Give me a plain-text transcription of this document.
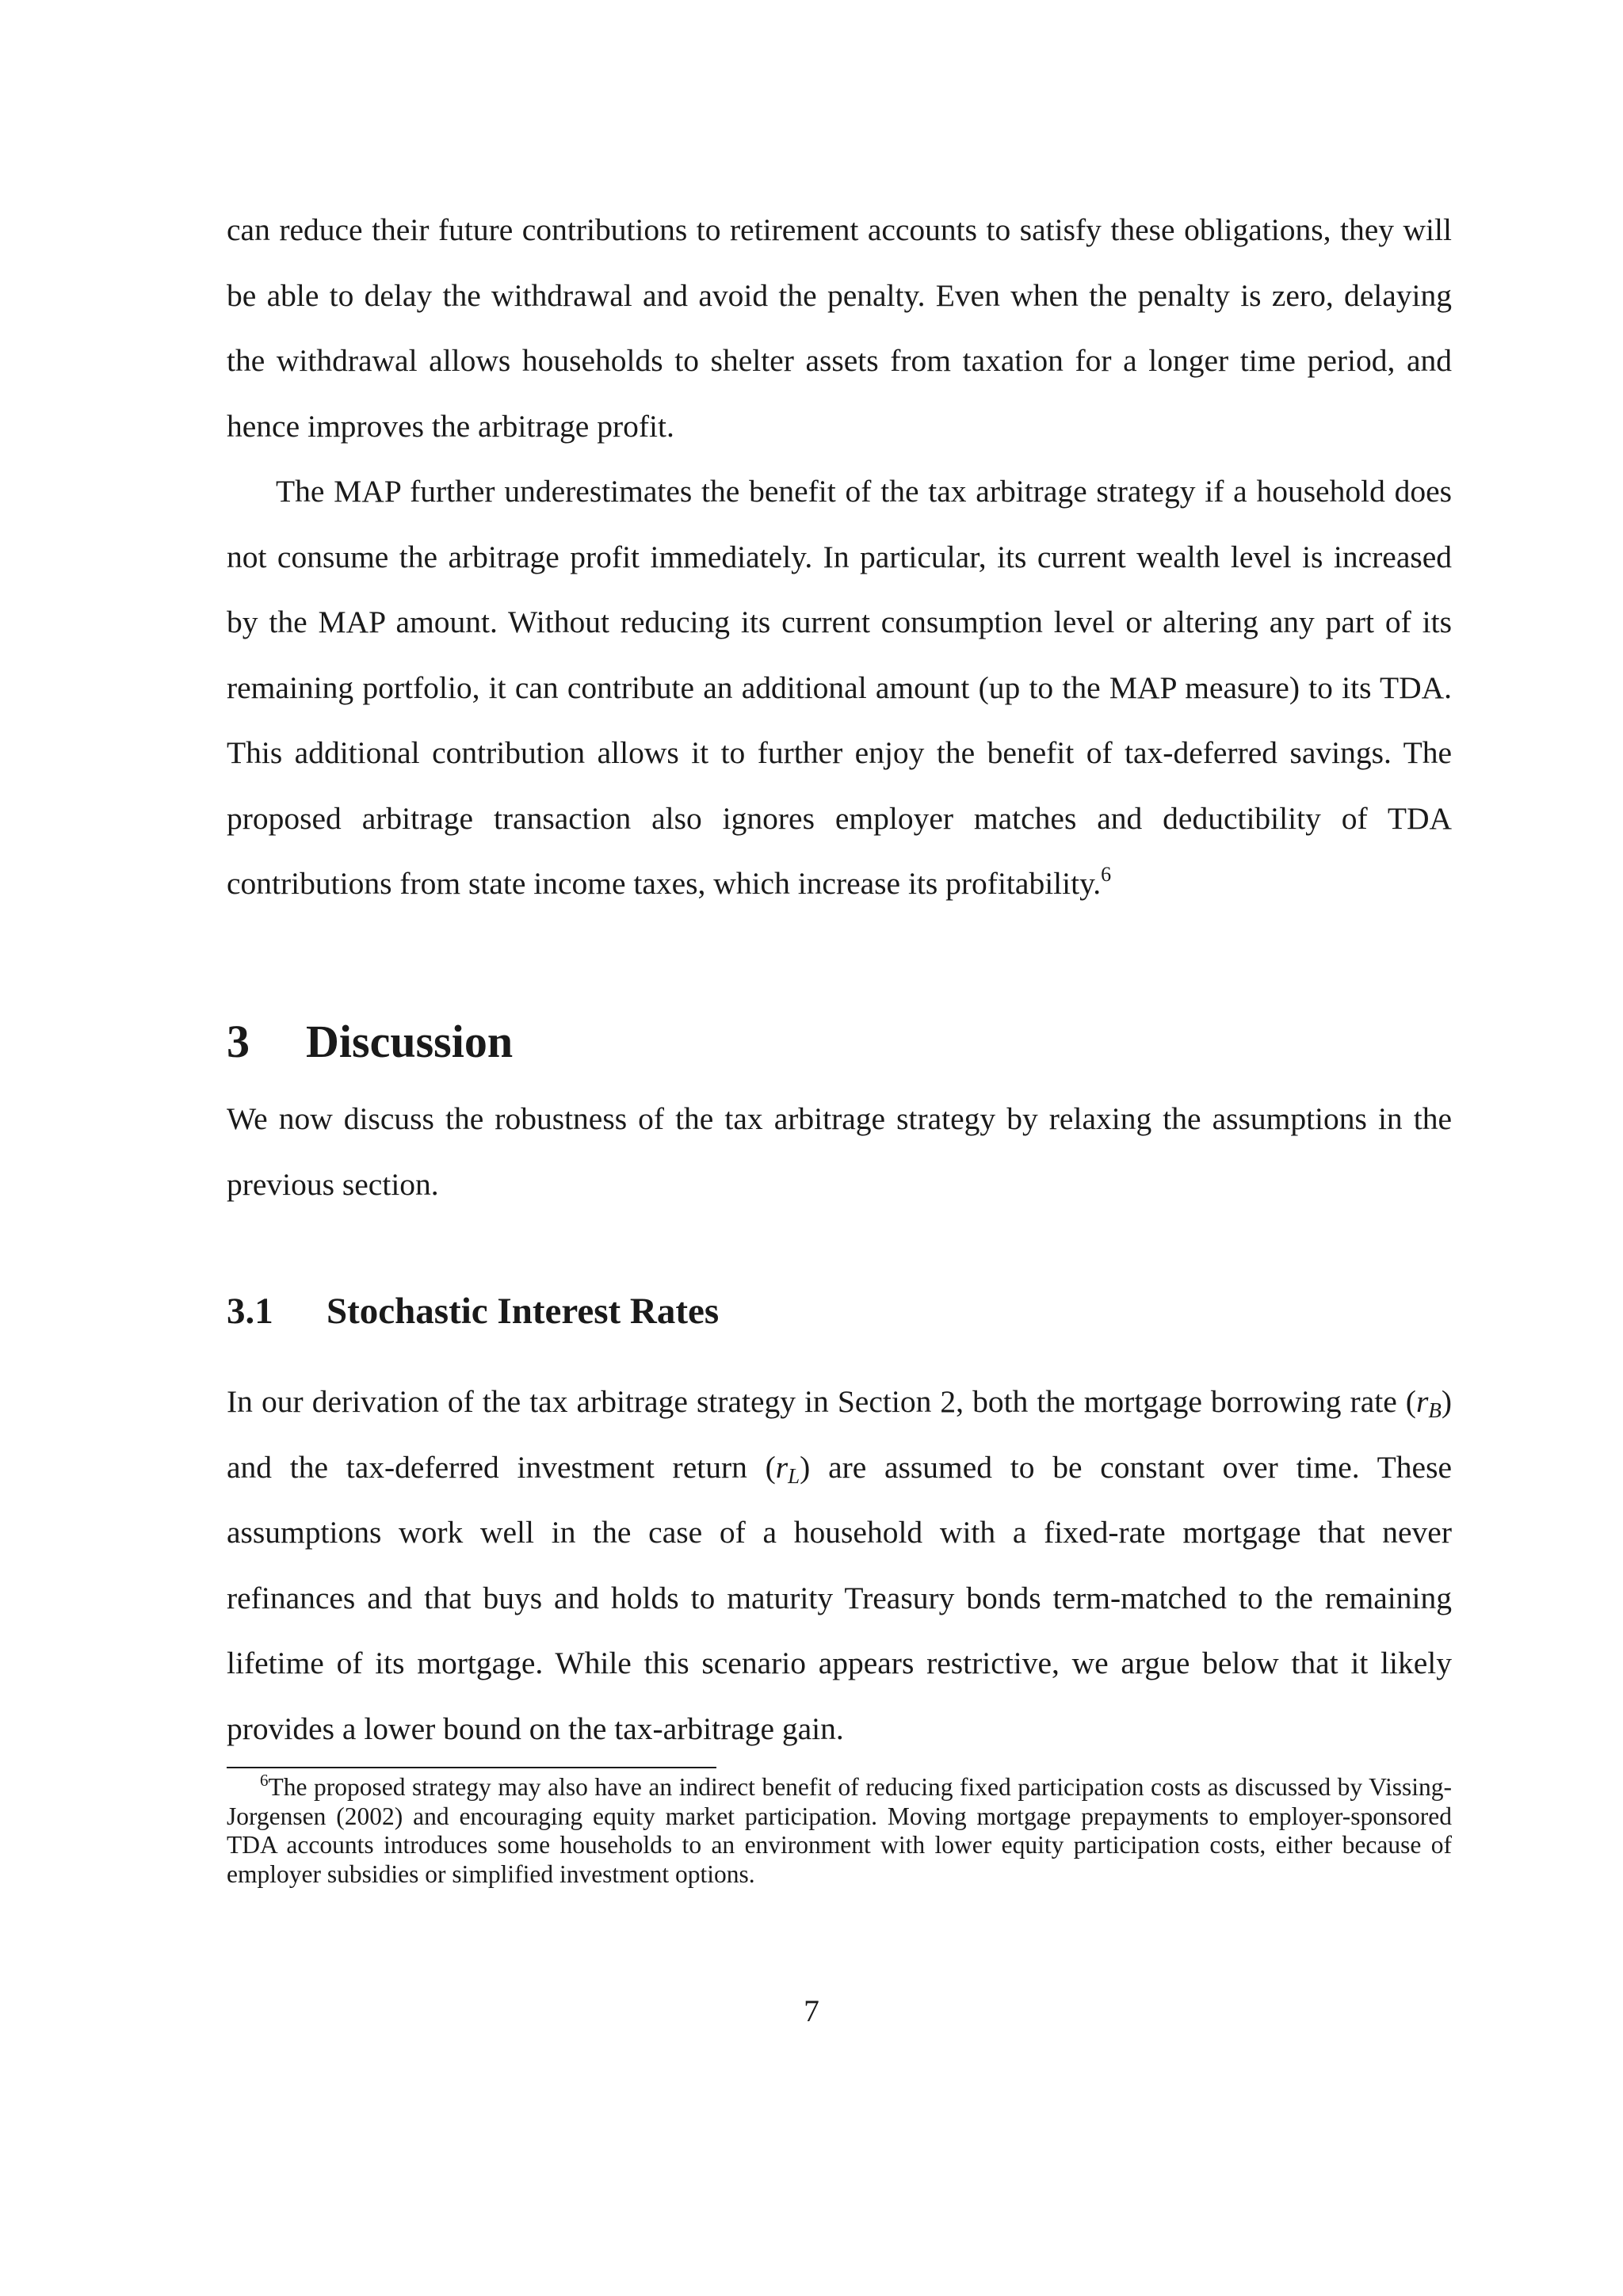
can reduce their future contributions to retirement accounts to satisfy these obligations, they will be able to delay the withdrawal and avoid the penalty. Even when the penalty is zero, delaying the withdrawal allows households to shelter assets from taxation for a longer time period, and hence improves the arbitrage profit.

The MAP further underestimates the benefit of the tax arbitrage strategy if a household does not consume the arbitrage profit immediately. In particular, its current wealth level is increased by the MAP amount. Without reducing its current consumption level or altering any part of its remaining portfolio, it can contribute an additional amount (up to the MAP measure) to its TDA. This additional contribution allows it to further enjoy the benefit of tax-deferred savings. The proposed arbitrage transaction also ignores employer matches and deductibility of TDA contributions from state income taxes, which increase its profitability.$^6$

3 Discussion

We now discuss the robustness of the tax arbitrage strategy by relaxing the assumptions in the previous section.

3.1 Stochastic Interest Rates

In our derivation of the tax arbitrage strategy in Section 2, both the mortgage borrowing rate $(r_B)$ and the tax-deferred investment return $(r_L)$ are assumed to be constant over time. These assumptions work well in the case of a household with a fixed-rate mortgage that never refinances and that buys and holds to maturity Treasury bonds term-matched to the remaining lifetime of its mortgage. While this scenario appears restrictive, we argue below that it likely provides a lower bound on the tax-arbitrage gain.

$^6$The proposed strategy may also have an indirect benefit of reducing fixed participation costs as discussed by Vissing-Jorgensen (2002) and encouraging equity market participation. Moving mortgage prepayments to employer-sponsored TDA accounts introduces some households to an environment with lower equity participation costs, either because of employer subsidies or simplified investment options.

7
